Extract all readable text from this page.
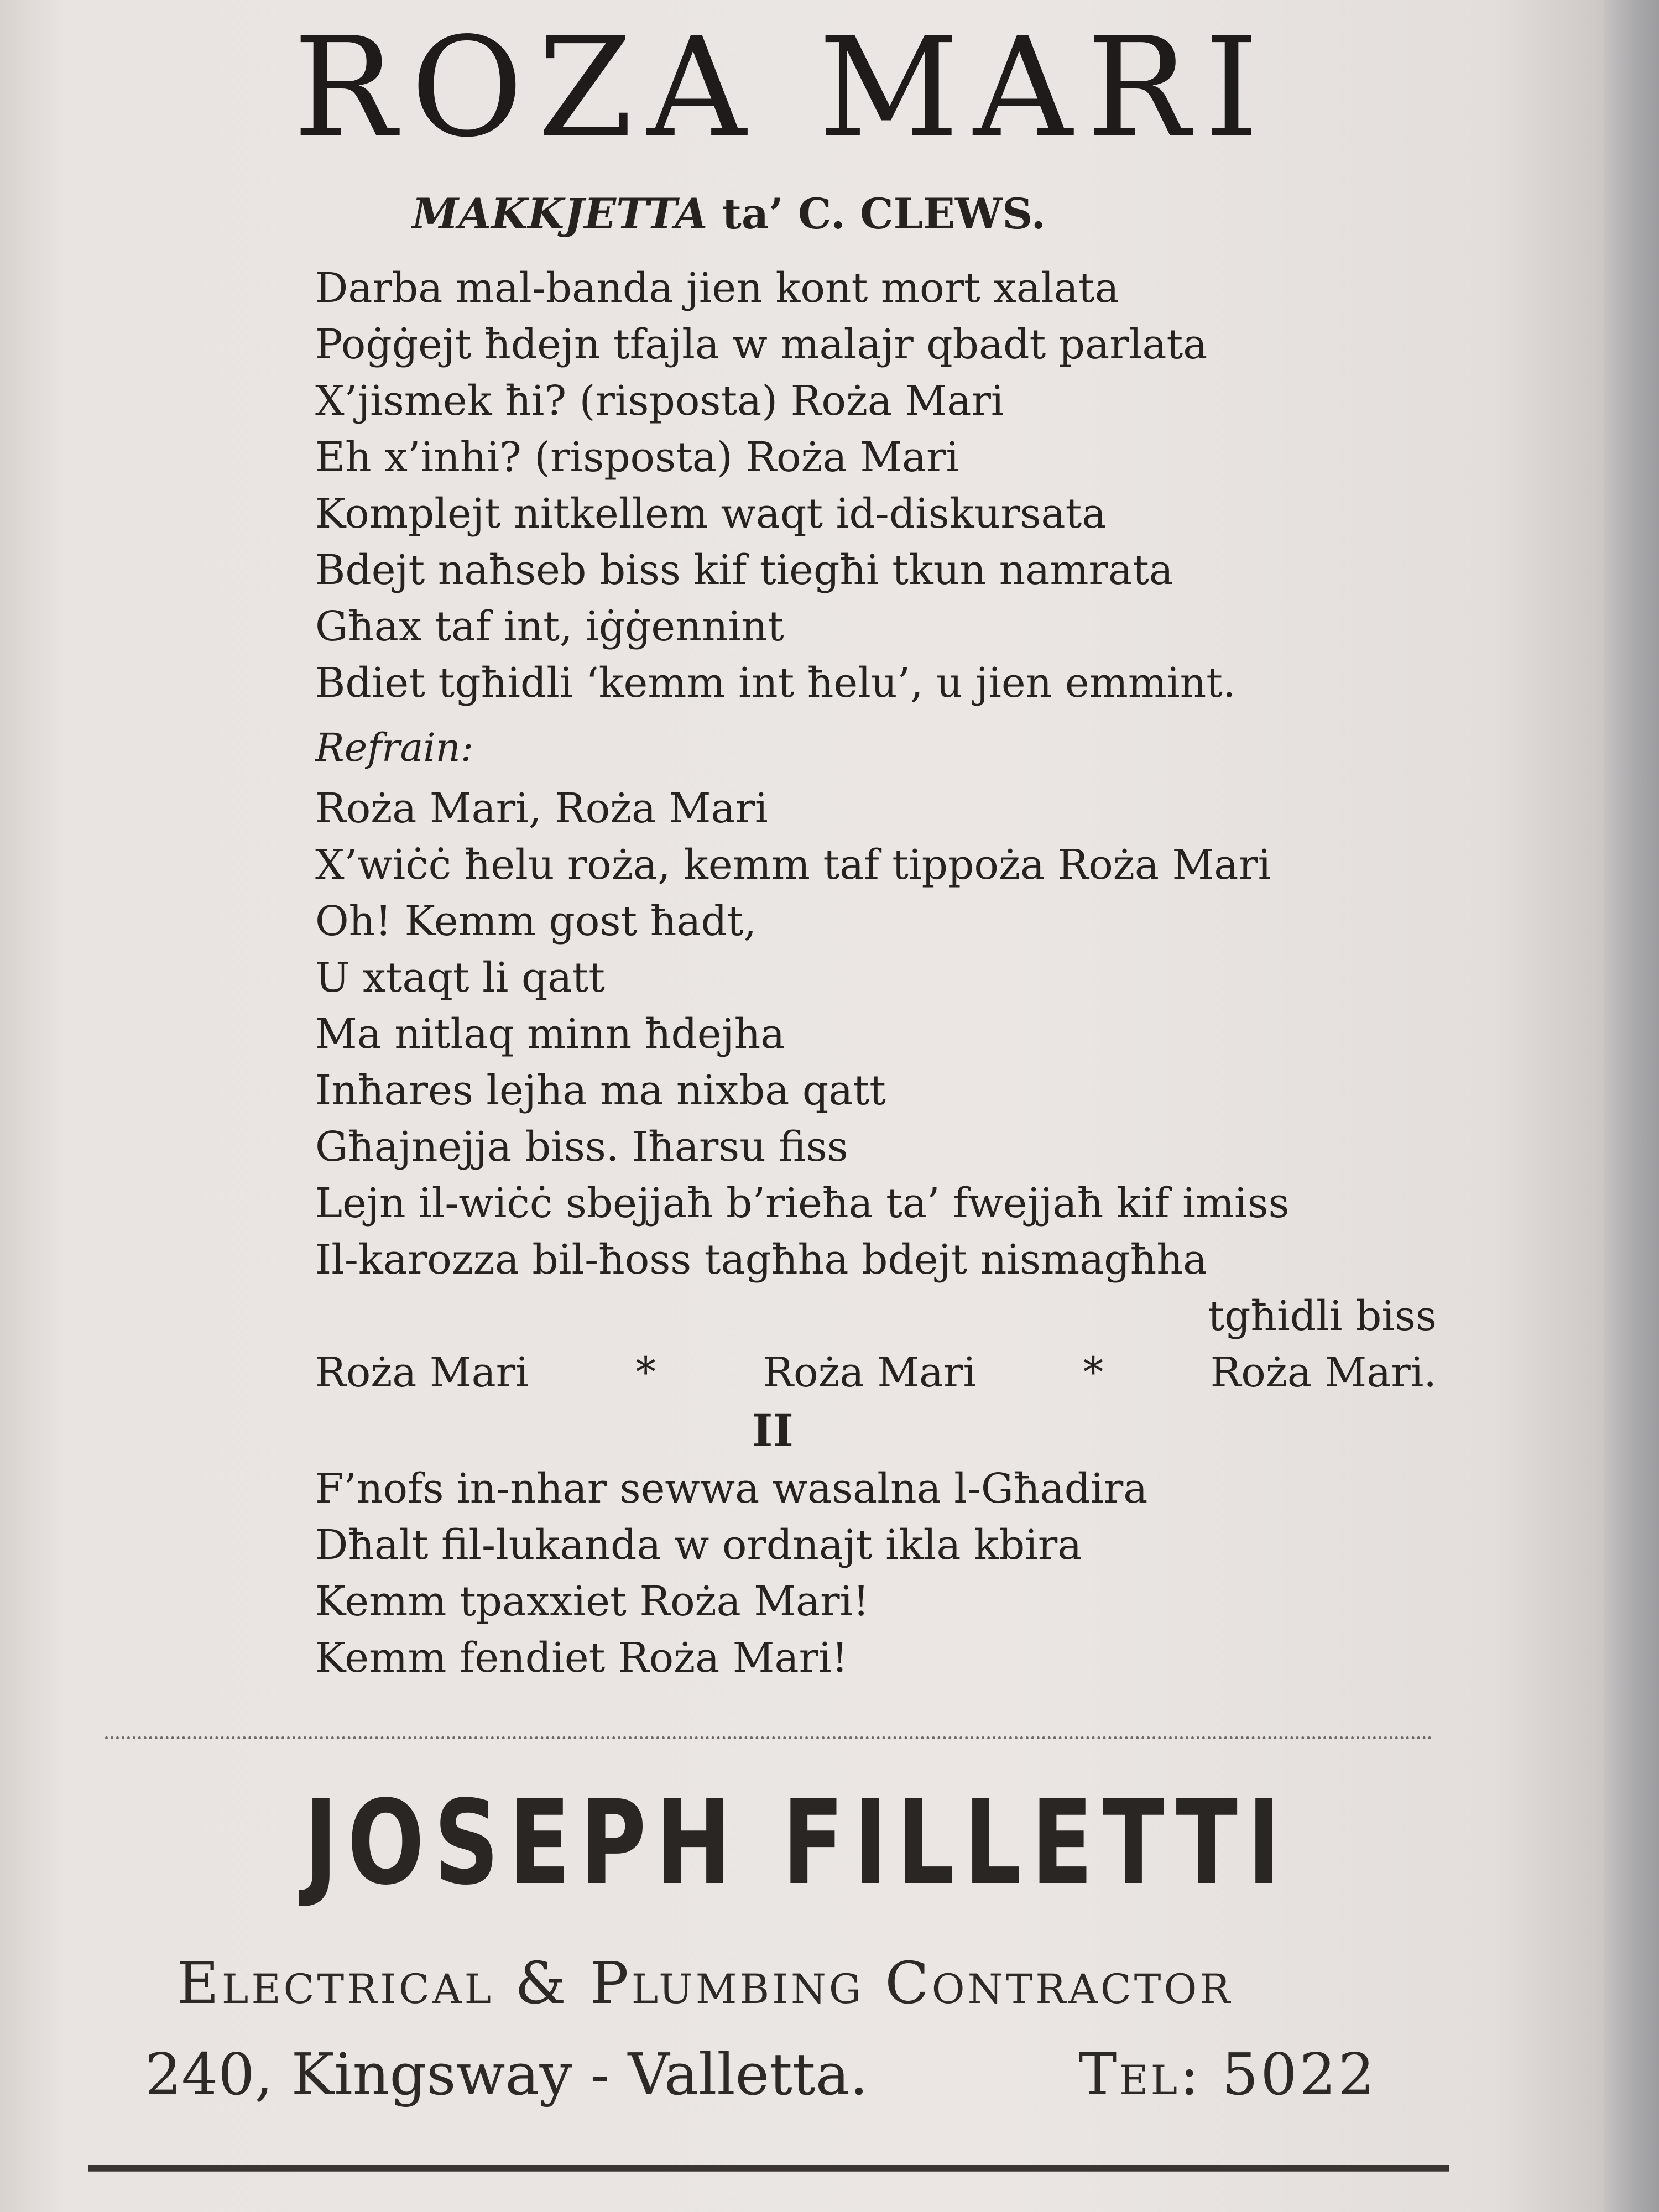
ROZA MARI
MAKKJETTA ta’ C. CLEWS.
Darba mal-banda jien kont mort xalata
Poġġejt ħdejn tfajla w malajr qbadt parlata
X’jismek ħi? (risposta) Roża Mari
Eh x’inhi? (risposta) Roża Mari
Komplejt nitkellem waqt id-diskursata
Bdejt naħseb biss kif tiegħi tkun namrata
Għax taf int, iġġennint
Bdiet tgħidli ‘kemm int ħelu’, u jien emmint.
Refrain:
Roża Mari, Roża Mari
X’wiċċ ħelu roża, kemm taf tippoża Roża Mari
Oh! Kemm gost ħadt,
U xtaqt li qatt
Ma nitlaq minn ħdejha
Inħares lejha ma nixba qatt
Għajnejja biss. Iħarsu fiss
Lejn il-wiċċ sbejjaħ b’rieħa ta’ fwejjaħ kif imiss
Il-karozza bil-ħoss tagħha bdejt nismagħha
tgħidli biss
Roża Mari	*	Roża Mari	*	Roża Mari.
II
F’nofs in-nhar sewwa wasalna l-Għadira
Dħalt fil-lukanda w ordnajt ikla kbira
Kemm tpaxxiet Roża Mari!
Kemm fendiet Roża Mari!
JOSEPH FILLETTI
Electrical & Plumbing Contractor
240, Kingsway - Valletta.	Tel: 5022
